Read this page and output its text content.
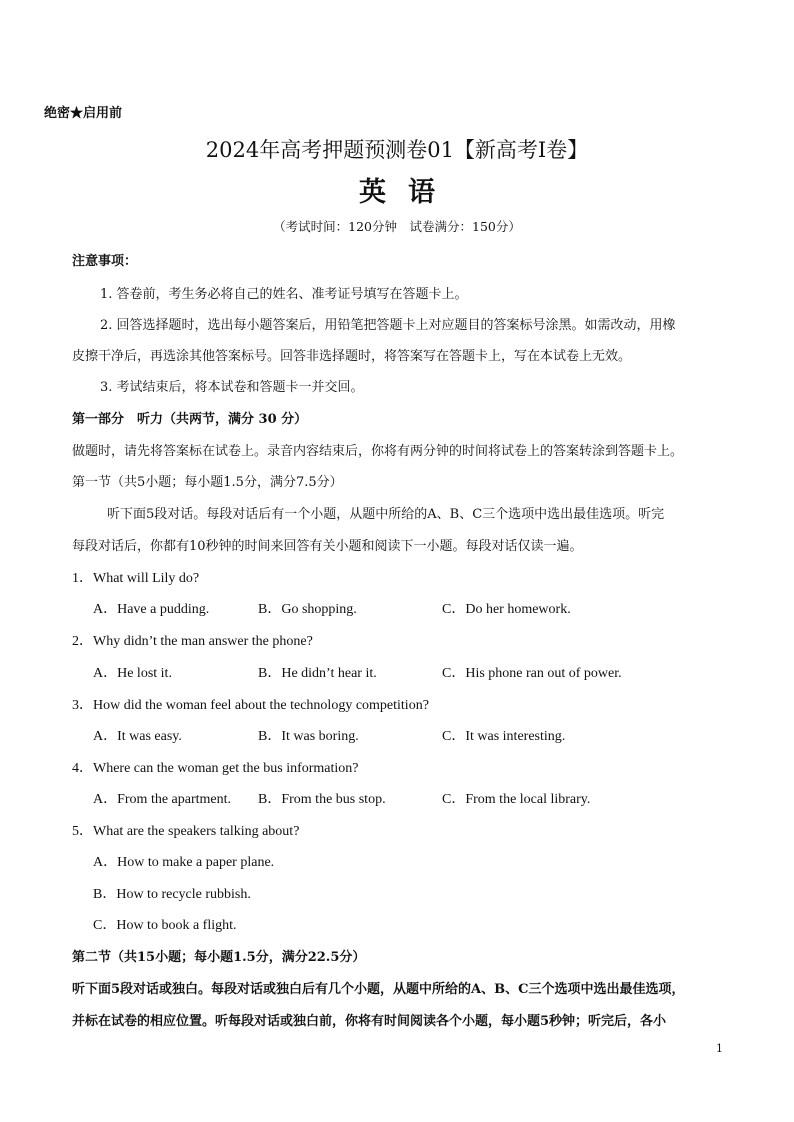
绝密★启用前
2024年高考押题预测卷01【新高考I卷】
英语
（考试时间：120分钟　试卷满分：150分）
注意事项：
1. 答卷前，考生务必将自己的姓名、准考证号填写在答题卡上。
2. 回答选择题时，选出每小题答案后，用铅笔把答题卡上对应题目的答案标号涂黑。如需改动，用橡
皮擦干净后，再选涂其他答案标号。回答非选择题时，将答案写在答题卡上，写在本试卷上无效。
3. 考试结束后，将本试卷和答题卡一并交回。
第一部分　听力（共两节，满分 30 分）
做题时，请先将答案标在试卷上。录音内容结束后，你将有两分钟的时间将试卷上的答案转涂到答题卡上。
第一节（共5小题；每小题1.5分，满分7.5分）
听下面5段对话。每段对话后有一个小题，从题中所给的A、B、C三个选项中选出最佳选项。听完
每段对话后，你都有10秒钟的时间来回答有关小题和阅读下一小题。每段对话仅读一遍。
1．What will Lily do?
A．Have a pudding.	B．Go shopping.	C．Do her homework.
2．Why didn’t the man answer the phone?
A．He lost it.	B．He didn’t hear it.	C．His phone ran out of power.
3．How did the woman feel about the technology competition?
A．It was easy.	B．It was boring.	C．It was interesting.
4．Where can the woman get the bus information?
A．From the apartment. B．From the bus stop.	C．From the local library.
5．What are the speakers talking about?
A．How to make a paper plane.
B．How to recycle rubbish.
C．How to book a flight.
第二节（共15小题；每小题1.5分，满分22.5分）
听下面5段对话或独白。每段对话或独白后有几个小题，从题中所给的A、B、C三个选项中选出最佳选项，
并标在试卷的相应位置。听每段对话或独白前，你将有时间阅读各个小题，每小题5秒钟；听完后，各小
1
